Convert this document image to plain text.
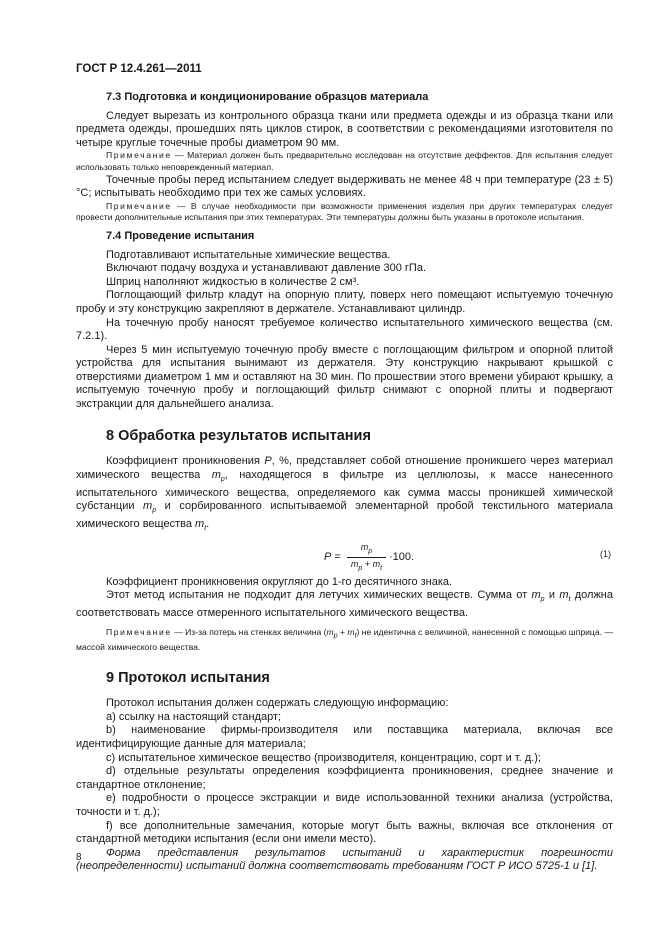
ГОСТ Р 12.4.261—2011
7.3 Подготовка и кондиционирование образцов материала

Следует вырезать из контрольного образца ткани или предмета одежды и из образца ткани или предмета одежды, прошедших пять циклов стирок, в соответствии с рекомендациями изготовителя по четыре круглые точечные пробы диаметром 90 мм.

Примечание — Материал должен быть предварительно исследован на отсутствие деффектов. Для испытания следует использовать только неповрежденный материал.

Точечные пробы перед испытанием следует выдерживать не менее 48 ч при температуре (23 ± 5) °C; испытывать необходимо при тех же самых условиях.

Примечание — В случае необходимости при возможности применения изделия при других температурах следует провести дополнительные испытания при этих температурах. Эти температуры должны быть указаны в протоколе испытания.

7.4 Проведение испытания

Подготавливают испытательные химические вещества.

Включают подачу воздуха и устанавливают давление 300 гПа.

Шприц наполняют жидкостью в количестве 2 см³.

Поглощающий фильтр кладут на опорную плиту, поверх него помещают испытуемую точечную пробу и эту конструкцию закрепляют в держателе. Устанавливают цилиндр.

На точечную пробу наносят требуемое количество испытательного химического вещества (см. 7.2.1).

Через 5 мин испытуемую точечную пробу вместе с поглощающим фильтром и опорной плитой устройства для испытания вынимают из держателя. Эту конструкцию накрывают крышкой с отверстиями диаметром 1 мм и оставляют на 30 мин. По прошествии этого времени убирают крышку, а испытуемую точечную пробу и поглощающий фильтр снимают с опорной плиты и подвергают экстракции для дальнейшего анализа.

8 Обработка результатов испытания

Коэффициент проникновения P, %, представляет собой отношение проникшего через материал химического вещества $m_p$, находящегося в фильтре из целлюлозы, к массе нанесенного испытательного химического вещества, определяемого как сумма массы проникшей химической субстанции $m_p$ и сорбированного испытываемой элементарной пробой текстильного материала химического вещества $m_t$.

$P = \frac{m_p}{m_p + m_t} \cdot 100$.	(1)

Коэффициент проникновения округляют до 1-го десятичного знака.

Этот метод испытания не подходит для летучих химических веществ. Сумма от $m_p$ и $m_t$ должна соответствовать массе отмеренного испытательного химического вещества.

Примечание — Из-за потерь на стенках величина $(m_p + m_t)$ не идентична с величиной, нанесенной с помощью шприца. — массой химического вещества.

9 Протокол испытания

Протокол испытания должен содержать следующую информацию:

а) ссылку на настоящий стандарт;

b) наименование фирмы-производителя или поставщика материала, включая все идентифицирующие данные для материала;

c) испытательное химическое вещество (производителя, концентрацию, сорт и т. д.);

d) отдельные результаты определения коэффициента проникновения, среднее значение и стандартное отклонение;

e) подробности о процессе экстракции и виде использованной техники анализа (устройства, точности и т. д.);

f) все дополнительные замечания, которые могут быть важны, включая все отклонения от стандартной методики испытания (если они имели место).

Форма представления результатов испытаний и характеристик погрешности (неопределенности) испытаний должна соответствовать требованиям ГОСТ Р ИСО 5725-1 и [1].

8
